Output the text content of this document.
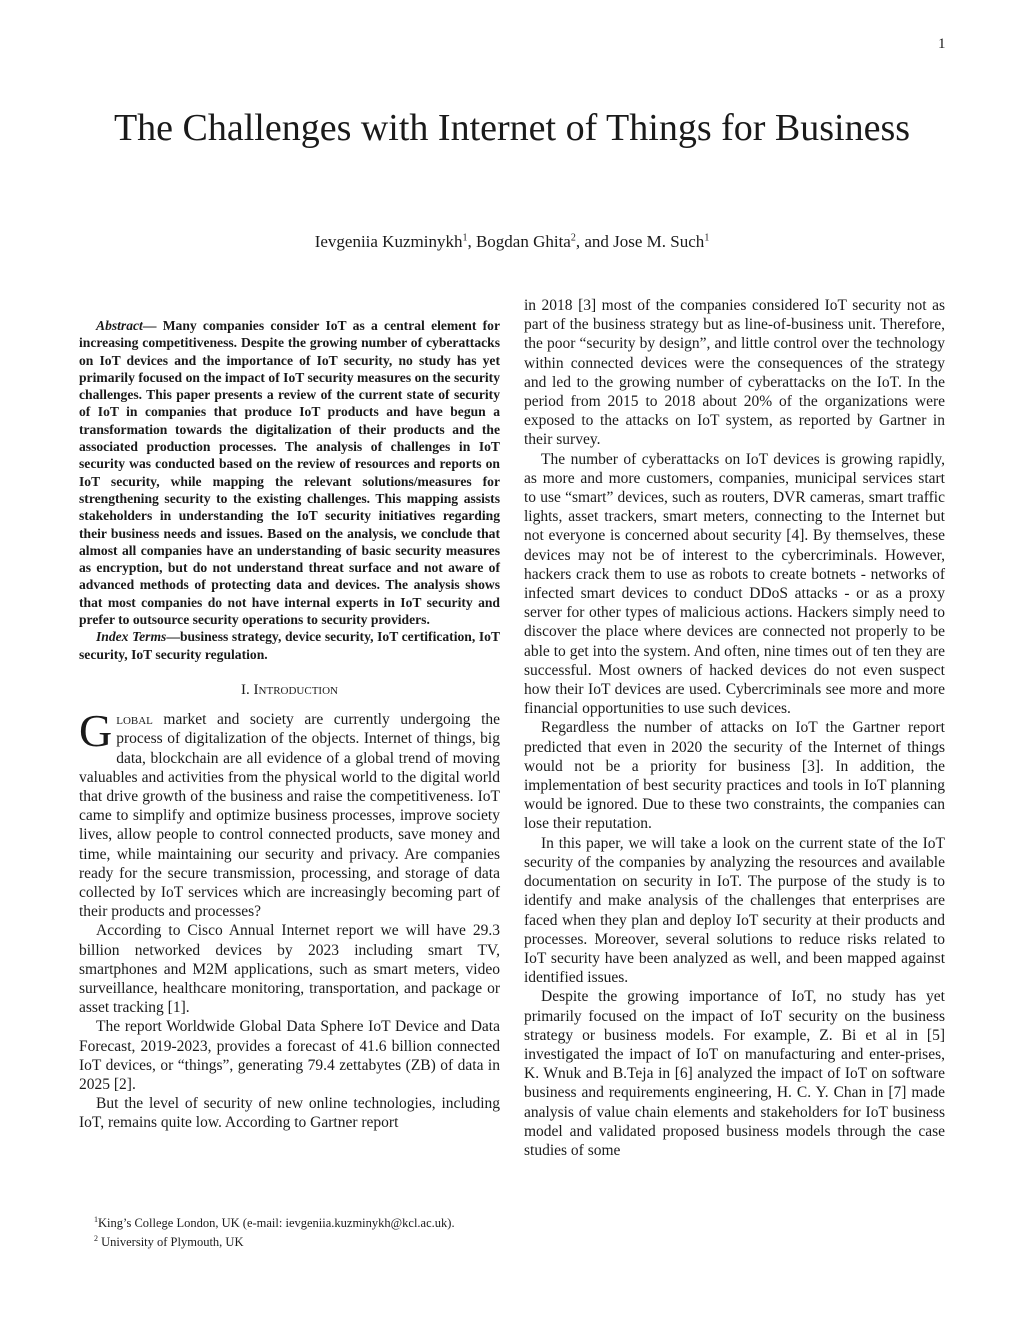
1
The Challenges with Internet of Things for Business
Ievgeniia Kuzminykh$^1$, Bogdan Ghita$^2$, and Jose M. Such$^1$

Abstract— Many companies consider IoT as a central element for increasing competitiveness. Despite the growing number of cyberattacks on IoT devices and the importance of IoT security, no study has yet primarily focused on the impact of IoT security measures on the security challenges. This paper presents a review of the current state of security of IoT in companies that produce IoT products and have begun a transformation towards the digitalization of their products and the associated production processes. The analysis of challenges in IoT security was conducted based on the review of resources and reports on IoT security, while mapping the relevant solutions/measures for strengthening security to the existing challenges. This mapping assists stakeholders in understanding the IoT security initiatives regarding their business needs and issues. Based on the analysis, we conclude that almost all companies have an understanding of basic security measures as encryption, but do not understand threat surface and not aware of advanced methods of protecting data and devices. The analysis shows that most companies do not have internal experts in IoT security and prefer to outsource security operations to security providers.

Index Terms—business strategy, device security, IoT certification, IoT security, IoT security regulation.

I. Introduction

Global market and society are currently undergoing the process of digitalization of the objects. Internet of things, big data, blockchain are all evidence of a global trend of moving valuables and activities from the physical world to the digital world that drive growth of the business and raise the competitiveness. IoT came to simplify and optimize business processes, improve society lives, allow people to control connected products, save money and time, while maintaining our security and privacy. Are companies ready for the secure transmission, processing, and storage of data collected by IoT services which are increasingly becoming part of their products and processes?

According to Cisco Annual Internet report we will have 29.3 billion networked devices by 2023 including smart TV, smartphones and M2M applications, such as smart meters, video surveillance, healthcare monitoring, transportation, and package or asset tracking [1].

The report Worldwide Global Data Sphere IoT Device and Data Forecast, 2019-2023, provides a forecast of 41.6 billion connected IoT devices, or “things”, generating 79.4 zettabytes (ZB) of data in 2025 [2].

But the level of security of new online technologies, including IoT, remains quite low. According to Gartner report

in 2018 [3] most of the companies considered IoT security not as part of the business strategy but as line-of-business unit. Therefore, the poor “security by design”, and little control over the technology within connected devices were the consequences of the strategy and led to the growing number of cyberattacks on the IoT. In the period from 2015 to 2018 about 20% of the organizations were exposed to the attacks on IoT system, as reported by Gartner in their survey.

The number of cyberattacks on IoT devices is growing rapidly, as more and more customers, companies, municipal services start to use “smart” devices, such as routers, DVR cameras, smart traffic lights, asset trackers, smart meters, connecting to the Internet but not everyone is concerned about security [4]. By themselves, these devices may not be of interest to the cybercriminals. However, hackers crack them to use as robots to create botnets - networks of infected smart devices to conduct DDoS attacks - or as a proxy server for other types of malicious actions. Hackers simply need to discover the place where devices are connected not properly to be able to get into the system. And often, nine times out of ten they are successful. Most owners of hacked devices do not even suspect how their IoT devices are used. Cybercriminals see more and more financial opportunities to use such devices.

Regardless the number of attacks on IoT the Gartner report predicted that even in 2020 the security of the Internet of things would not be a priority for business [3]. In addition, the implementation of best security practices and tools in IoT planning would be ignored. Due to these two constraints, the companies can lose their reputation.

In this paper, we will take a look on the current state of the IoT security of the companies by analyzing the resources and available documentation on security in IoT. The purpose of the study is to identify and make analysis of the challenges that enterprises are faced when they plan and deploy IoT security at their products and processes. Moreover, several solutions to reduce risks related to IoT security have been analyzed as well, and been mapped against identified issues.

Despite the growing importance of IoT, no study has yet primarily focused on the impact of IoT security on the business strategy or business models. For example, Z. Bi et al in [5] investigated the impact of IoT on manufacturing and enter-prises, K. Wnuk and B.Teja in [6] analyzed the impact of IoT on software business and requirements engineering, H. C. Y. Chan in [7] made analysis of value chain elements and stakeholders for IoT business model and validated proposed business models through the case studies of some

$^1$King’s College London, UK (e-mail: ievgeniia.kuzminykh@kcl.ac.uk).
$^2$ University of Plymouth, UK
